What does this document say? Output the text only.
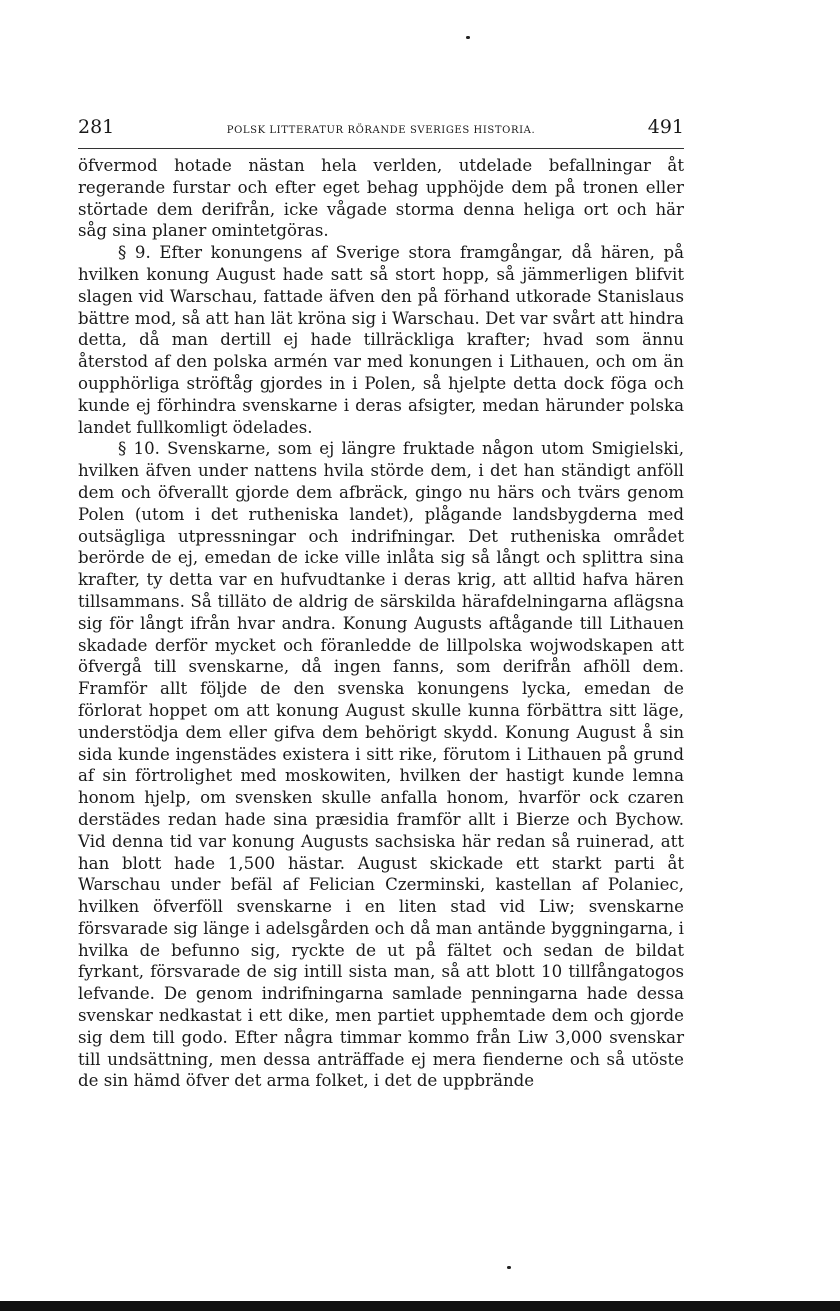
281	POLSK LITTERATUR RÖRANDE SVERIGES HISTORIA.	491

öfvermod hotade nästan hela verlden, utdelade befallningar åt regerande furstar och efter eget behag upphöjde dem på tronen eller störtade dem derifrån, icke vågade storma denna heliga ort och här såg sina planer omintetgöras.

§ 9. Efter konungens af Sverige stora framgångar, då hären, på hvilken konung August hade satt så stort hopp, så jämmerligen blifvit slagen vid Warschau, fattade äfven den på förhand utkorade Stanislaus bättre mod, så att han lät kröna sig i Warschau. Det var svårt att hindra detta, då man dertill ej hade tillräckliga krafter; hvad som ännu återstod af den polska armén var med konungen i Lithauen, och om än oupphörliga ströftåg gjordes in i Polen, så hjelpte detta dock föga och kunde ej förhindra svenskarne i deras afsigter, medan härunder polska landet fullkomligt ödelades.

§ 10. Svenskarne, som ej längre fruktade någon utom Smigielski, hvilken äfven under nattens hvila störde dem, i det han ständigt anföll dem och öfverallt gjorde dem afbräck, gingo nu härs och tvärs genom Polen (utom i det rutheniska landet), plågande landsbygderna med outsägliga utpressningar och indrifningar. Det rutheniska området berörde de ej, emedan de icke ville inlåta sig så långt och splittra sina krafter, ty detta var en hufvudtanke i deras krig, att alltid hafva hären tillsammans. Så tilläto de aldrig de särskilda härafdelningarna aflägsna sig för långt ifrån hvar andra. Konung Augusts aftågande till Lithauen skadade derför mycket och föranledde de lillpolska wojwodskapen att öfvergå till svenskarne, då ingen fanns, som derifrån afhöll dem. Framför allt följde de den svenska konungens lycka, emedan de förlorat hoppet om att konung August skulle kunna förbättra sitt läge, understödja dem eller gifva dem behörigt skydd. Konung August å sin sida kunde ingenstädes existera i sitt rike, förutom i Lithauen på grund af sin förtrolighet med moskowiten, hvilken der hastigt kunde lemna honom hjelp, om svensken skulle anfalla honom, hvarför ock czaren derstädes redan hade sina præsidia framför allt i Bierze och Bychow. Vid denna tid var konung Augusts sachsiska här redan så ruinerad, att han blott hade 1,500 hästar. August skickade ett starkt parti åt Warschau under befäl af Felician Czerminski, kastellan af Polaniec, hvilken öfverföll svenskarne i en liten stad vid Liw; svenskarne försvarade sig länge i adelsgården och då man antände byggningarna, i hvilka de befunno sig, ryckte de ut på fältet och sedan de bildat fyrkant, försvarade de sig intill sista man, så att blott 10 tillfångatogos lefvande. De genom indrifningarna samlade penningarna hade dessa svenskar nedkastat i ett dike, men partiet upphemtade dem och gjorde sig dem till godo. Efter några timmar kommo från Liw 3,000 svenskar till undsättning, men dessa anträffade ej mera fienderne och så utöste de sin hämd öfver det arma folket, i det de uppbrände
